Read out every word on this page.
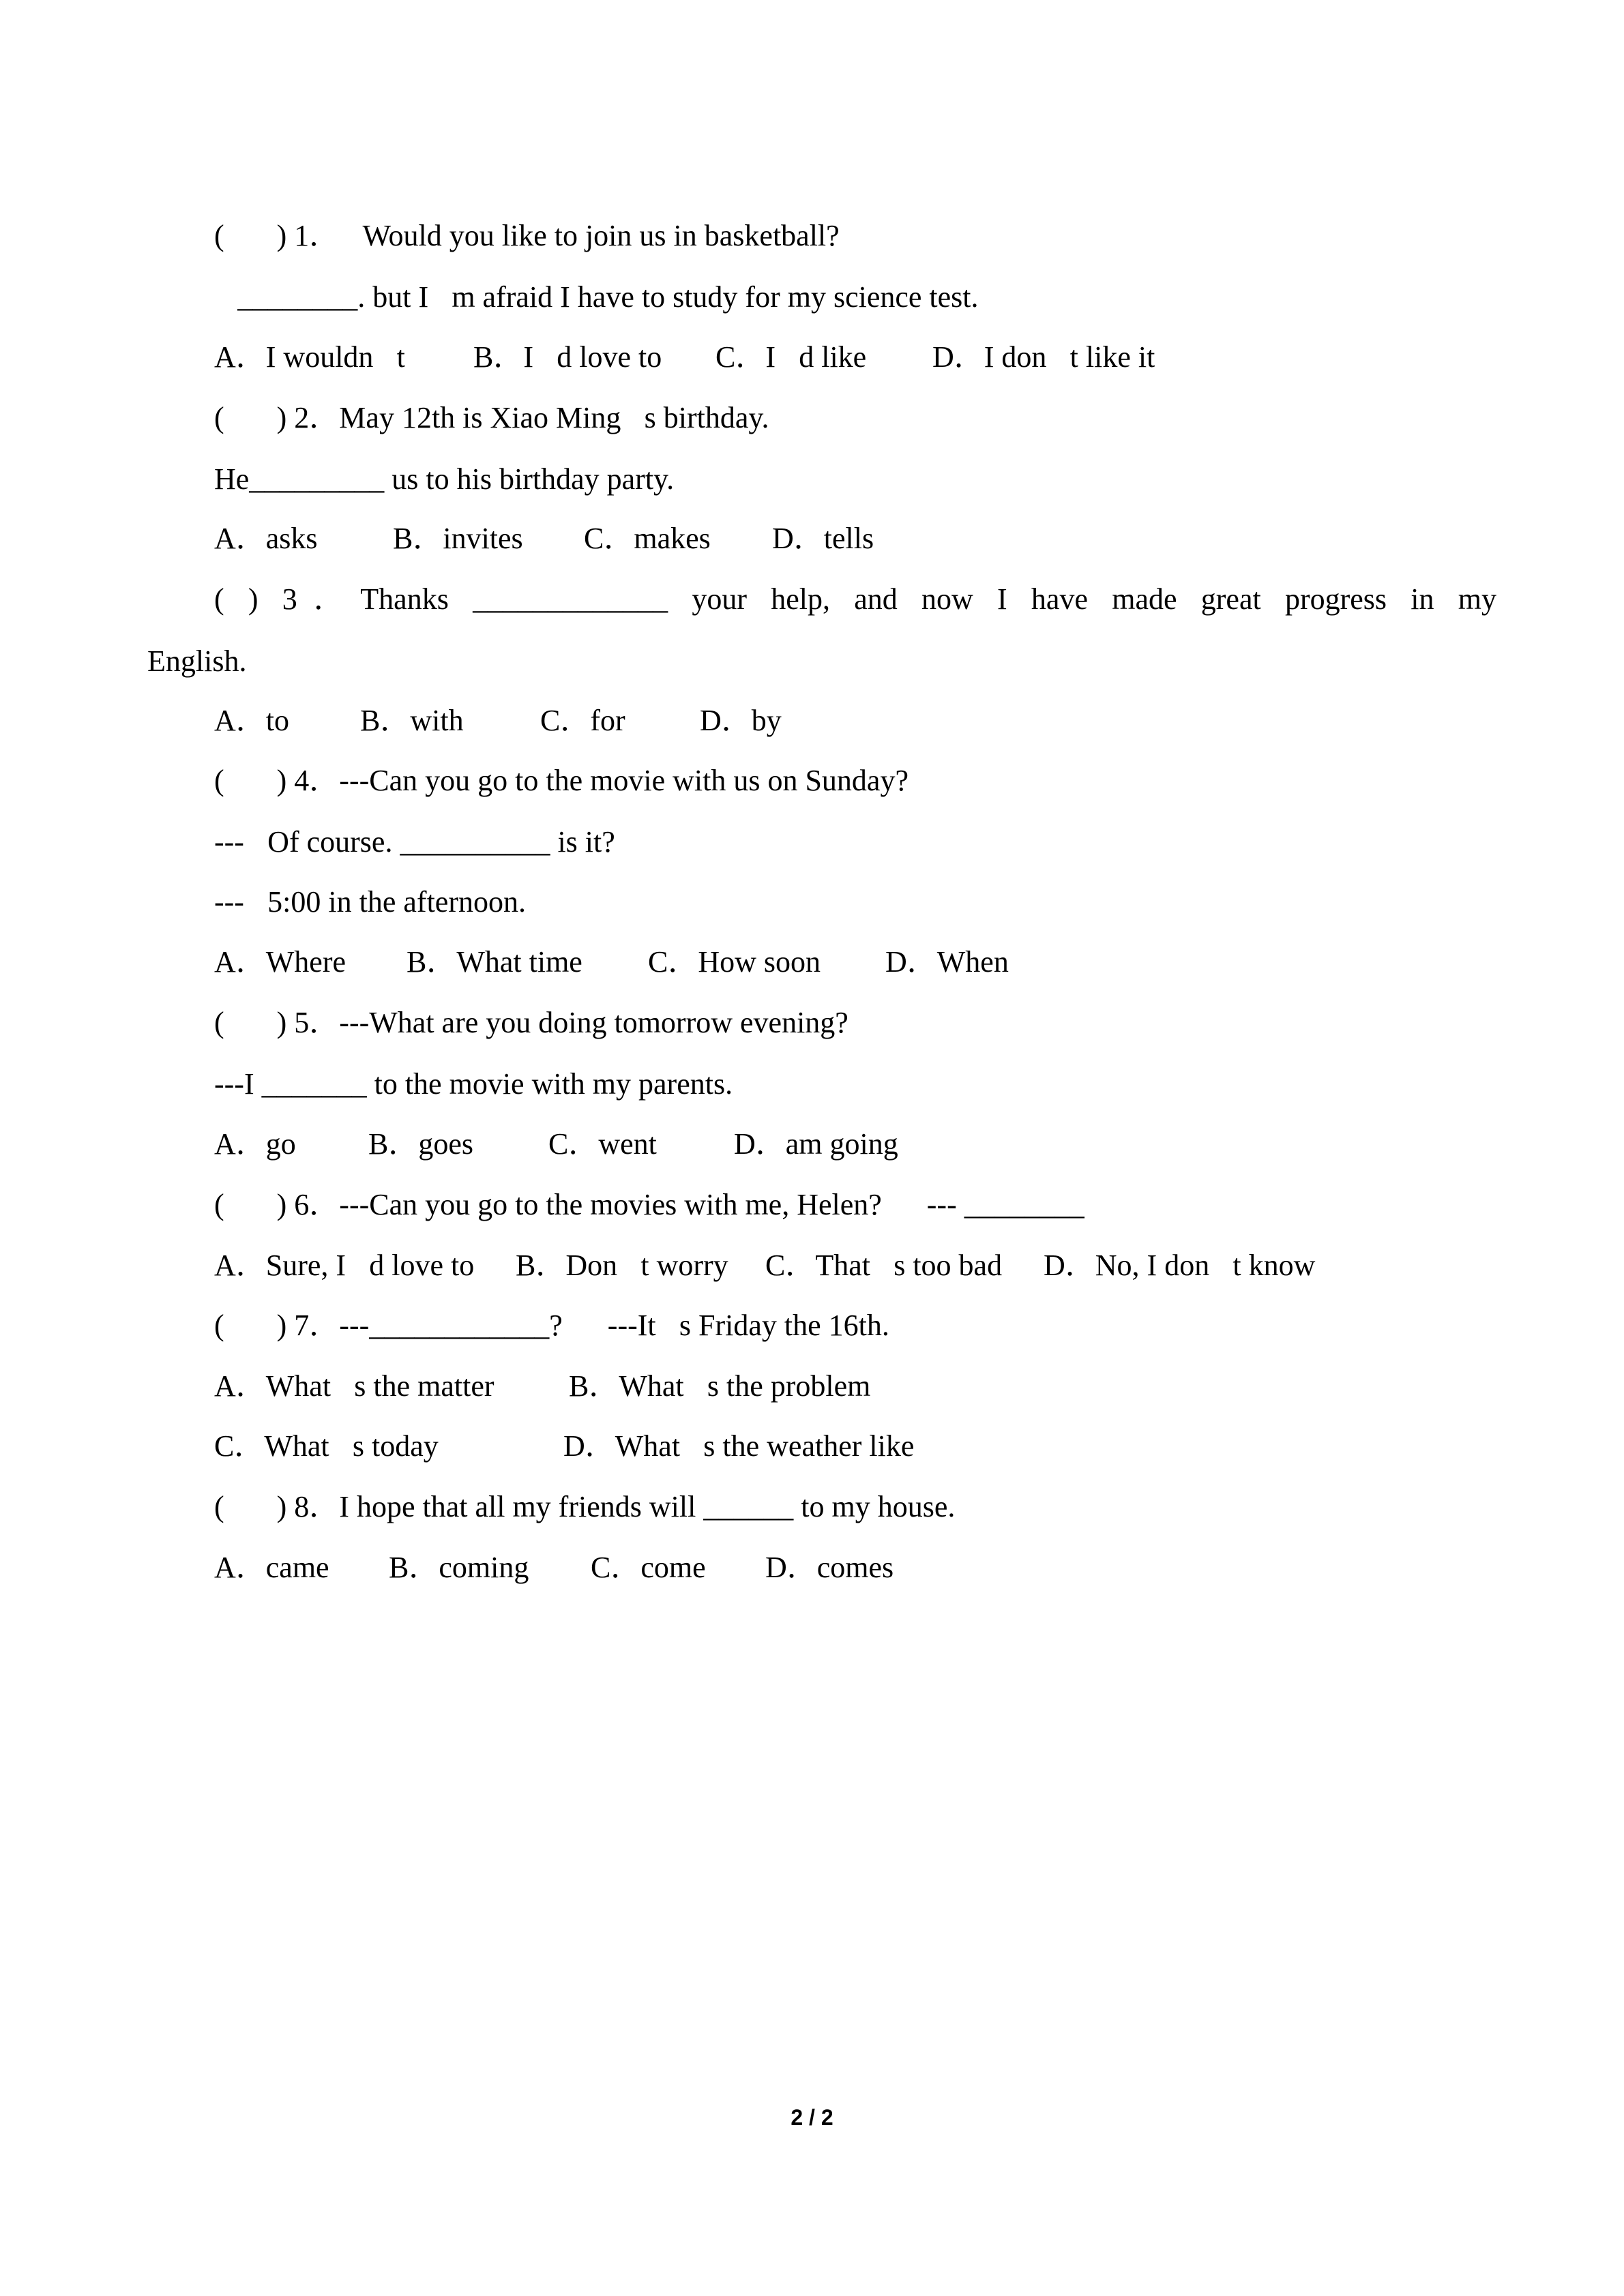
(       ) 1． Would you like to join us in basketball? 

 ________. but I m afraid I have to study for my science test. 

A．I wouldn t B．I d love to C．I d like D．I don t like it

(       ) 2．May 12th is Xiao Ming s birthday.

He_________ us to his birthday party.

A．asks	B．invites C．makes D．tells

( ) 3．Thanks _____________ your help, and now I have made great progress in my

English.

A．to B．with	C．for D．by

(       ) 4．---Can you go to the movie with us on Sunday?

--- Of course. __________ is it? 

--- 5:00 in the afternoon. 

A．Where B．What time C．How soon D．When

(       ) 5．---What are you doing tomorrow evening?

---I _______ to the movie with my parents.

A．go B．goes	C．went	D．am going

(       ) 6．---Can you go to the movies with me, Helen?      --- ________

A．Sure, I d love to B．Don t worry C．That s too bad D．No, I don t know

(       ) 7．---____________?      ---It s Friday the 16th.

A．What s the matter B．What s the problem

C．What s today	D．What s the weather like

(       ) 8．I hope that all my friends will ______ to my house.

A．came B．coming C．come D．comes

2 / 2
